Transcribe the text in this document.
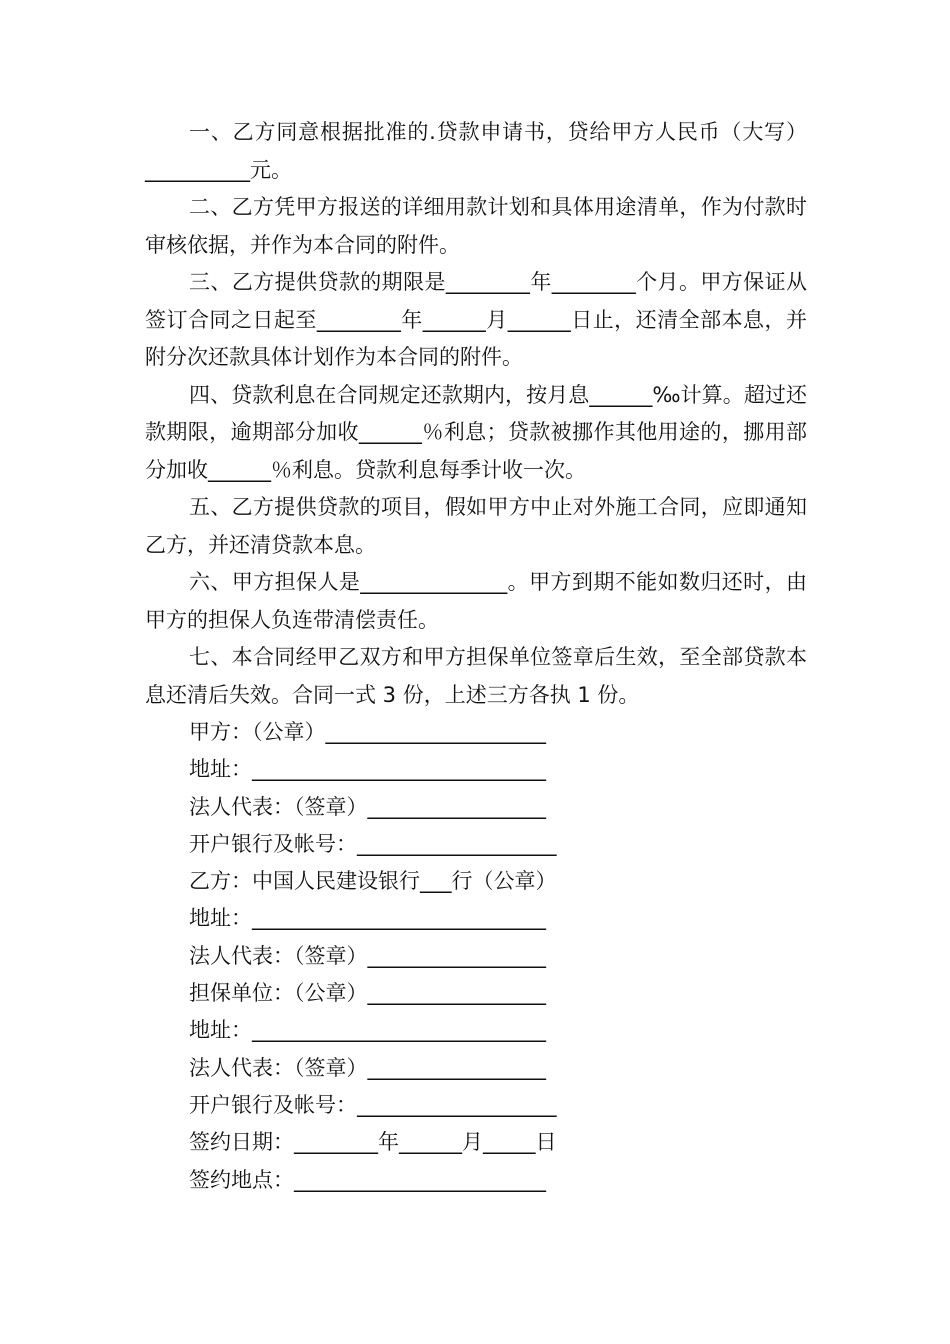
一、乙方同意根据批准的.贷款申请书，贷给甲方人民币（大写）__________元。

二、乙方凭甲方报送的详细用款计划和具体用途清单，作为付款时审核依据，并作为本合同的附件。

三、乙方提供贷款的期限是________年________个月。甲方保证从签订合同之日起至________年______月______日止，还清全部本息，并附分次还款具体计划作为本合同的附件。

四、贷款利息在合同规定还款期内，按月息______‰计算。超过还款期限，逾期部分加收______％利息；贷款被挪作其他用途的，挪用部分加收______％利息。贷款利息每季计收一次。

五、乙方提供贷款的项目，假如甲方中止对外施工合同，应即通知乙方，并还清贷款本息。

六、甲方担保人是______________。甲方到期不能如数归还时，由甲方的担保人负连带清偿责任。

七、本合同经甲乙双方和甲方担保单位签章后生效，至全部贷款本息还清后失效。合同一式 3 份，上述三方各执 1 份。

甲方：（公章）_____________________

地址：____________________________

法人代表：（签章）_________________

开户银行及帐号：___________________

乙方：中国人民建设银行___行（公章）

地址：____________________________

法人代表：（签章）_________________

担保单位：（公章）_________________

地址：____________________________

法人代表：（签章）_________________

开户银行及帐号：___________________

签约日期：________年______月_____日

签约地点：________________________
